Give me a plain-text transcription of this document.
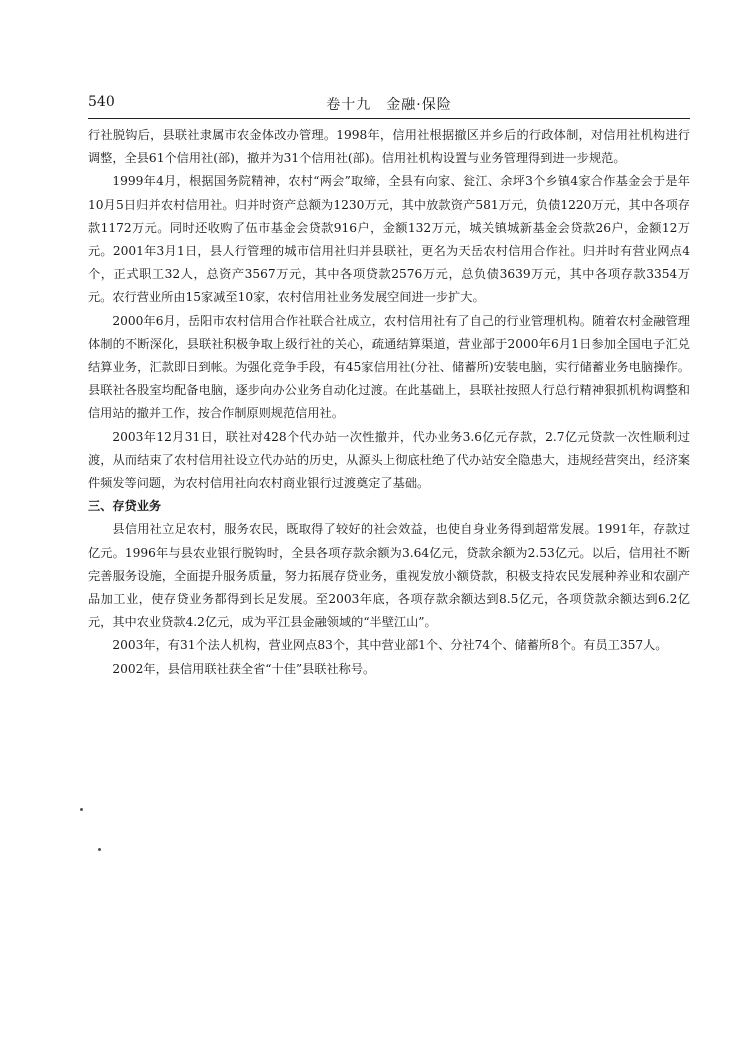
540	卷十九　金融·保险

行社脱钩后，县联社隶属市农金体改办管理。1998年，信用社根据撤区并乡后的行政体制，对信用社机构进行调整，全县61个信用社(部)，撤并为31个信用社(部)。信用社机构设置与业务管理得到进一步规范。

1999年4月，根据国务院精神，农村“两会”取缔，全县有向家、瓮江、余坪3个乡镇4家合作基金会于是年10月5日归并农村信用社。归并时资产总额为1230万元，其中放款资产581万元，负债1220万元，其中各项存款1172万元。同时还收购了伍市基金会贷款916户，金额132万元，城关镇城新基金会贷款26户，金额12万元。2001年3月1日，县人行管理的城市信用社归并县联社，更名为天岳农村信用合作社。归并时有营业网点4个，正式职工32人，总资产3567万元，其中各项贷款2576万元，总负债3639万元，其中各项存款3354万元。农行营业所由15家减至10家，农村信用社业务发展空间进一步扩大。

2000年6月，岳阳市农村信用合作社联合社成立，农村信用社有了自己的行业管理机构。随着农村金融管理体制的不断深化，县联社积极争取上级行社的关心，疏通结算渠道，营业部于2000年6月1日参加全国电子汇兑结算业务，汇款即日到帐。为强化竞争手段，有45家信用社(分社、储蓄所)安装电脑，实行储蓄业务电脑操作。县联社各股室均配备电脑，逐步向办公业务自动化过渡。在此基础上，县联社按照人行总行精神狠抓机构调整和信用站的撤并工作，按合作制原则规范信用社。

2003年12月31日，联社对428个代办站一次性撤并，代办业务3.6亿元存款，2.7亿元贷款一次性顺利过渡，从而结束了农村信用社设立代办站的历史，从源头上彻底杜绝了代办站安全隐患大，违规经营突出，经济案件频发等问题，为农村信用社向农村商业银行过渡奠定了基础。

三、存贷业务

县信用社立足农村，服务农民，既取得了较好的社会效益，也使自身业务得到超常发展。1991年，存款过亿元。1996年与县农业银行脱钩时，全县各项存款余额为3.64亿元，贷款余额为2.53亿元。以后，信用社不断完善服务设施，全面提升服务质量，努力拓展存贷业务，重视发放小额贷款，积极支持农民发展种养业和农副产品加工业，使存贷业务都得到长足发展。至2003年底，各项存款余额达到8.5亿元，各项贷款余额达到6.2亿元，其中农业贷款4.2亿元，成为平江县金融领域的“半壁江山”。

2003年，有31个法人机构，营业网点83个，其中营业部1个、分社74个、储蓄所8个。有员工357人。

2002年，县信用联社获全省“十佳”县联社称号。
